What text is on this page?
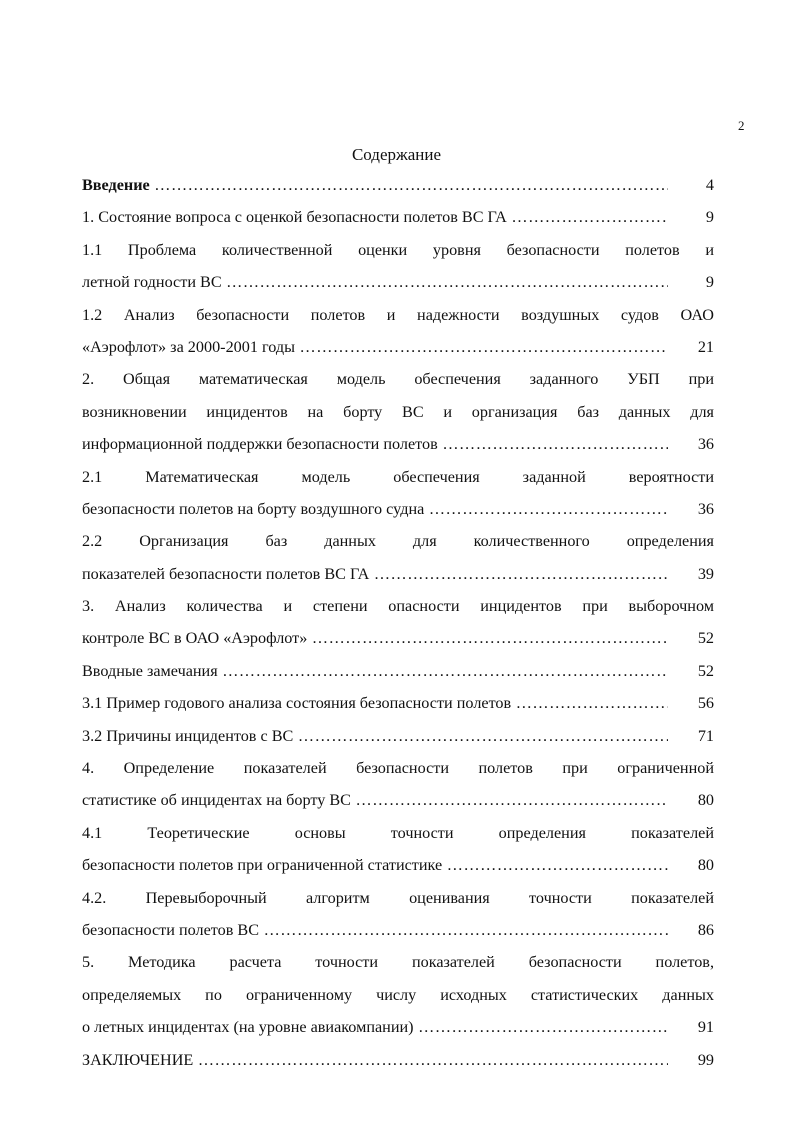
2
Содержание
Введение ……………………………………………………………………………………………………………………	4
1. Состояние вопроса с оценкой безопасности полетов ВС ГА ……………………………………………………………………………………………………………………	9
1.1 Проблема количественной оценки уровня безопасности полетов и
летной годности ВС ……………………………………………………………………………………………………………………	9
1.2 Анализ безопасности полетов и надежности воздушных судов ОАО
«Аэрофлот» за 2000-2001 годы ……………………………………………………………………………………………………………………	21
2. Общая математическая модель обеспечения заданного УБП при
возникновении инцидентов на борту ВС и организация баз данных для
информационной поддержки безопасности полетов ……………………………………………………………………………………………………………………	36
2.1 Математическая модель обеспечения заданной вероятности
безопасности полетов на борту воздушного судна ……………………………………………………………………………………………………………………	36
2.2 Организация баз данных для количественного определения
показателей безопасности полетов ВС ГА ……………………………………………………………………………………………………………………	39
3. Анализ количества и степени опасности инцидентов при выборочном
контроле ВС в ОАО «Аэрофлот» ……………………………………………………………………………………………………………………	52
Вводные замечания ……………………………………………………………………………………………………………………	52
3.1 Пример годового анализа состояния безопасности полетов ……………………………………………………………………………………………………………………	56
3.2 Причины инцидентов с ВС ……………………………………………………………………………………………………………………	71
4. Определение показателей безопасности полетов при ограниченной
статистике об инцидентах на борту ВС ……………………………………………………………………………………………………………………	80
4.1 Теоретические основы точности определения показателей
безопасности полетов при ограниченной статистике ……………………………………………………………………………………………………………………	80
4.2. Перевыборочный алгоритм оценивания точности показателей
безопасности полетов ВС ……………………………………………………………………………………………………………………	86
5. Методика расчета точности показателей безопасности полетов,
определяемых по ограниченному числу исходных статистических данных
о летных инцидентах (на уровне авиакомпании) ……………………………………………………………………………………………………………………	91
ЗАКЛЮЧЕНИЕ ……………………………………………………………………………………………………………………	99
